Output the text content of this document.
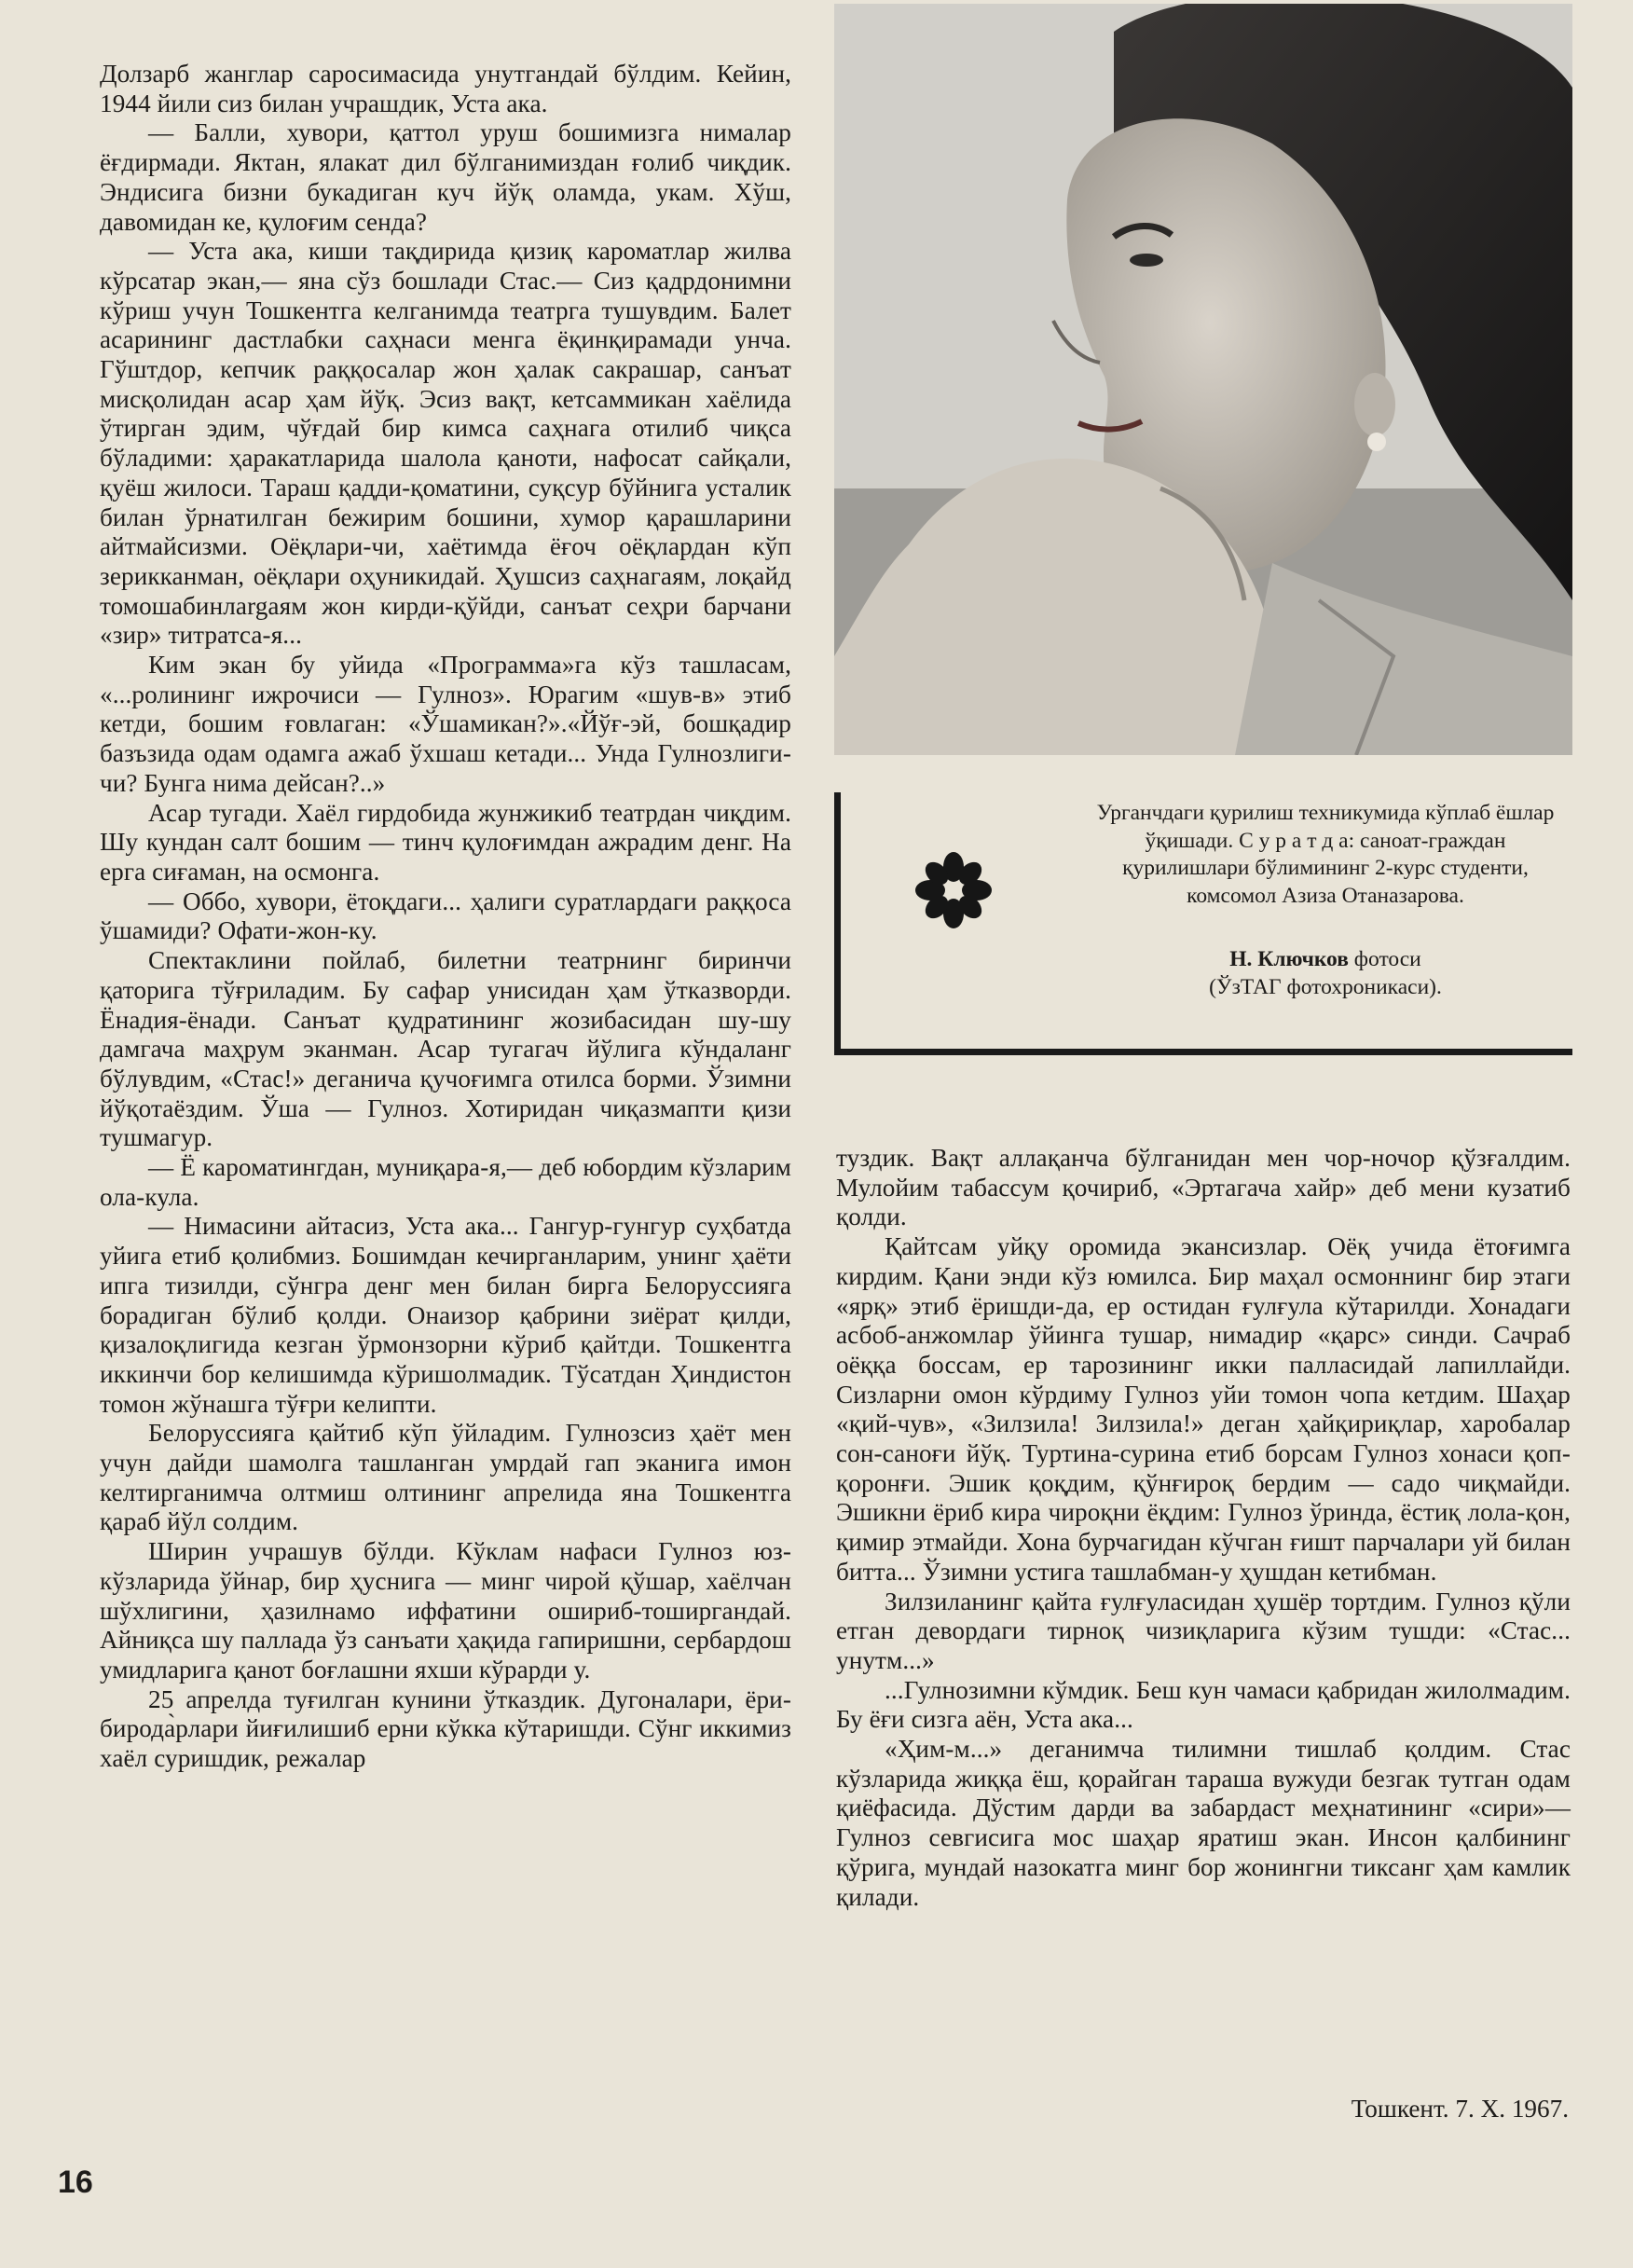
Долзарб жанглар саросимасида унутгандай бўлдим. Кейин, 1944 йили сиз билан учрашдик, Уста ака.

— Балли, хувори, қаттол уруш бошимизга нималар ёғдирмади. Яктан, ялакат дил бўлганимиздан ғолиб чиқдик. Эндисига бизни букадиган куч йўқ оламда, укам. Хўш, давомидан ке, қулоғим сенда?

— Уста ака, киши тақдирида қизиқ кароматлар жилва кўрсатар экан,— яна сўз бошлади Стас.— Сиз қадрдонимни кўриш учун Тошкентга келганимда театрга тушувдим. Балет асарининг дастлабки саҳнаси менга ёқинқирамади унча. Гўштдор, кепчик раққосалар жон ҳалак сакрашар, санъат мисқолидан асар ҳам йўқ. Эсиз вақт, кетсаммикан хаёлида ўтирган эдим, чўғдай бир кимса саҳнага отилиб чиқса бўладими: ҳаракатларида шалола қаноти, нафосат сайқали, қуёш жилоси. Тараш қадди-қоматини, суқсур бўйнига усталик билан ўрнатилган бежирим бошини, хумор қарашларини айтмайсизми. Оёқлари-чи, хаётимда ёғоч оёқлардан кўп зерикканман, оёқлари оҳуникидай. Ҳушсиз саҳнагаям, лоқайд томошабинлargaям жон кирди-қўйди, санъат сеҳри барчани «зир» титратса-я...

Ким экан бу уйида «Программа»га кўз ташласам, «...ролининг ижрочиси — Гулноз». Юрагим «шув-в» этиб кетди, бошим ғовлаган: «Ўшамикан?».«Йўғ-эй, бошқадир базъзида одам одамга ажаб ўхшаш кетади... Унда Гулнозлиги-чи? Бунга нима дейсан?..»

Асар тугади. Хаёл гирдобида жунжикиб театрдан чиқдим. Шу кундан салт бошим — тинч қулоғимдан ажрадим денг. На ерга сиғаман, на осмонга.

— Оббо, хувори, ётоқдаги... ҳалиги суратлардаги раққоса ўшамиди? Офати-жон-ку.

Спектаклини пойлаб, билетни театрнинг биринчи қаторига тўғриладим. Бу сафар унисидан ҳам ўтказворди. Ёнадия-ёнади. Санъат қудратининг жозибасидан шу-шу дамгача маҳрум эканман. Асар тугагач йўлига кўндаланг бўлувдим, «Стас!» деганича қучоғимга отилса борми. Ўзимни йўқотаёздим. Ўша — Гулноз. Хотиридан чиқазмапти қизи тушмагур.

— Ё кароматингдан, муниқара-я,— деб юбордим кўзларим ола-кула.

— Нимасини айтасиз, Уста ака... Гангур-гунгур суҳбатда уйига етиб қолибмиз. Бошимдан кечирганларим, унинг ҳаёти ипга тизилди, сўнгра денг мен билан бирга Белоруссияга борадиган бўлиб қолди. Онаизор қабрини зиёрат қилди, қизалоқлигида кезган ўрмонзорни кўриб қайтди. Тошкентга иккинчи бор келишимда кўришолмадик. Тўсатдан Ҳиндистон томон жўнашга тўғри келипти.

Белоруссияга қайтиб кўп ўйладим. Гулнозсиз ҳаёт мен учун дайди шамолга ташланган умрдай гап эканига имон келтирганимча олтмиш олтининг апрелида яна Тошкентга қараб йўл солдим.

Ширин учрашув бўлди. Кўклам нафаси Гулноз юз-кўзларида ўйнар, бир ҳуснига — минг чирой қўшар, хаёлчан шўхлигини, ҳазилнамо иффатини ошириб-тоширгандай. Айниқса шу паллада ўз санъати ҳақида гапиришни, сербардош умидларига қанот боғлашни яхши кўрарди у.

25 апрелда туғилган кунини ўтказдик. Дугоналари, ёри-бирода̀рлари йиғилишиб ерни кўкка кўтаришди. Сўнг иккимиз хаёл суришдик, режалар

Урганчдаги қурилиш техникумида кўплаб ёшлар ўқишади. С у р а т д а: саноат-граждан қурилишлари бўлимининг 2-курс студенти, комсомол Азиза Отаназарова.
Н. Ключков фотоси
(ЎзТАГ фотохроникаси).

туздик. Вақт аллақанча бўлганидан мен чор-ночор қўзғалдим. Мулойим табассум қочириб, «Эртагача хайр» деб мени кузатиб қолди.

Қайтсам уйқу оромида экансизлар. Оёқ учида ётоғимга кирдим. Қани энди кўз юмилса. Бир маҳал осмоннинг бир этаги «ярқ» этиб ёришди-да, ер остидан ғулғула кўтарилди. Хонадаги асбоб-анжомлар ўйинга тушар, нимадир «қарс» синди. Сачраб оёққа боссам, ер тарозининг икки палласидай лапиллайди. Сизларни омон кўрдиму Гулноз уйи томон чопа кетдим. Шаҳар «қий-чув», «Зилзила! Зилзила!» деган ҳайқириқлар, харобалар сон-саноғи йўқ. Туртина-сурина етиб борсам Гулноз хонаси қоп-қоронғи. Эшик қоқдим, қўнғироқ бердим — садо чиқмайди. Эшикни ёриб кира чироқни ёқдим: Гулноз ўринда, ёстиқ лола-қон, қимир этмайди. Хона бурчагидан кўчган ғишт парчалари уй билан битта... Ўзимни устига ташлабман-у ҳушдан кетибман.

Зилзиланинг қайта ғулғуласидан ҳушёр тортдим. Гулноз қўли етган девордаги тирноқ чизиқларига кўзим тушди: «Стас... унутм...»

...Гулнозимни кўмдик. Беш кун чамаси қабридан жилолмадим. Бу ёғи сизга аён, Уста ака...

«Ҳим-м...» деганимча тилимни тишлаб қолдим. Стас кўзларида жиққа ёш, қорайган тараша вужуди безгак тутган одам қиёфасида. Дўстим дарди ва забардаст меҳнатининг «сири»— Гулноз севгисига мос шаҳар яратиш экан. Инсон қалбининг қўрига, мундай назокатга минг бор жонингни тиксанг ҳам камлик қилади.

Тошкент. 7. X. 1967.
16
